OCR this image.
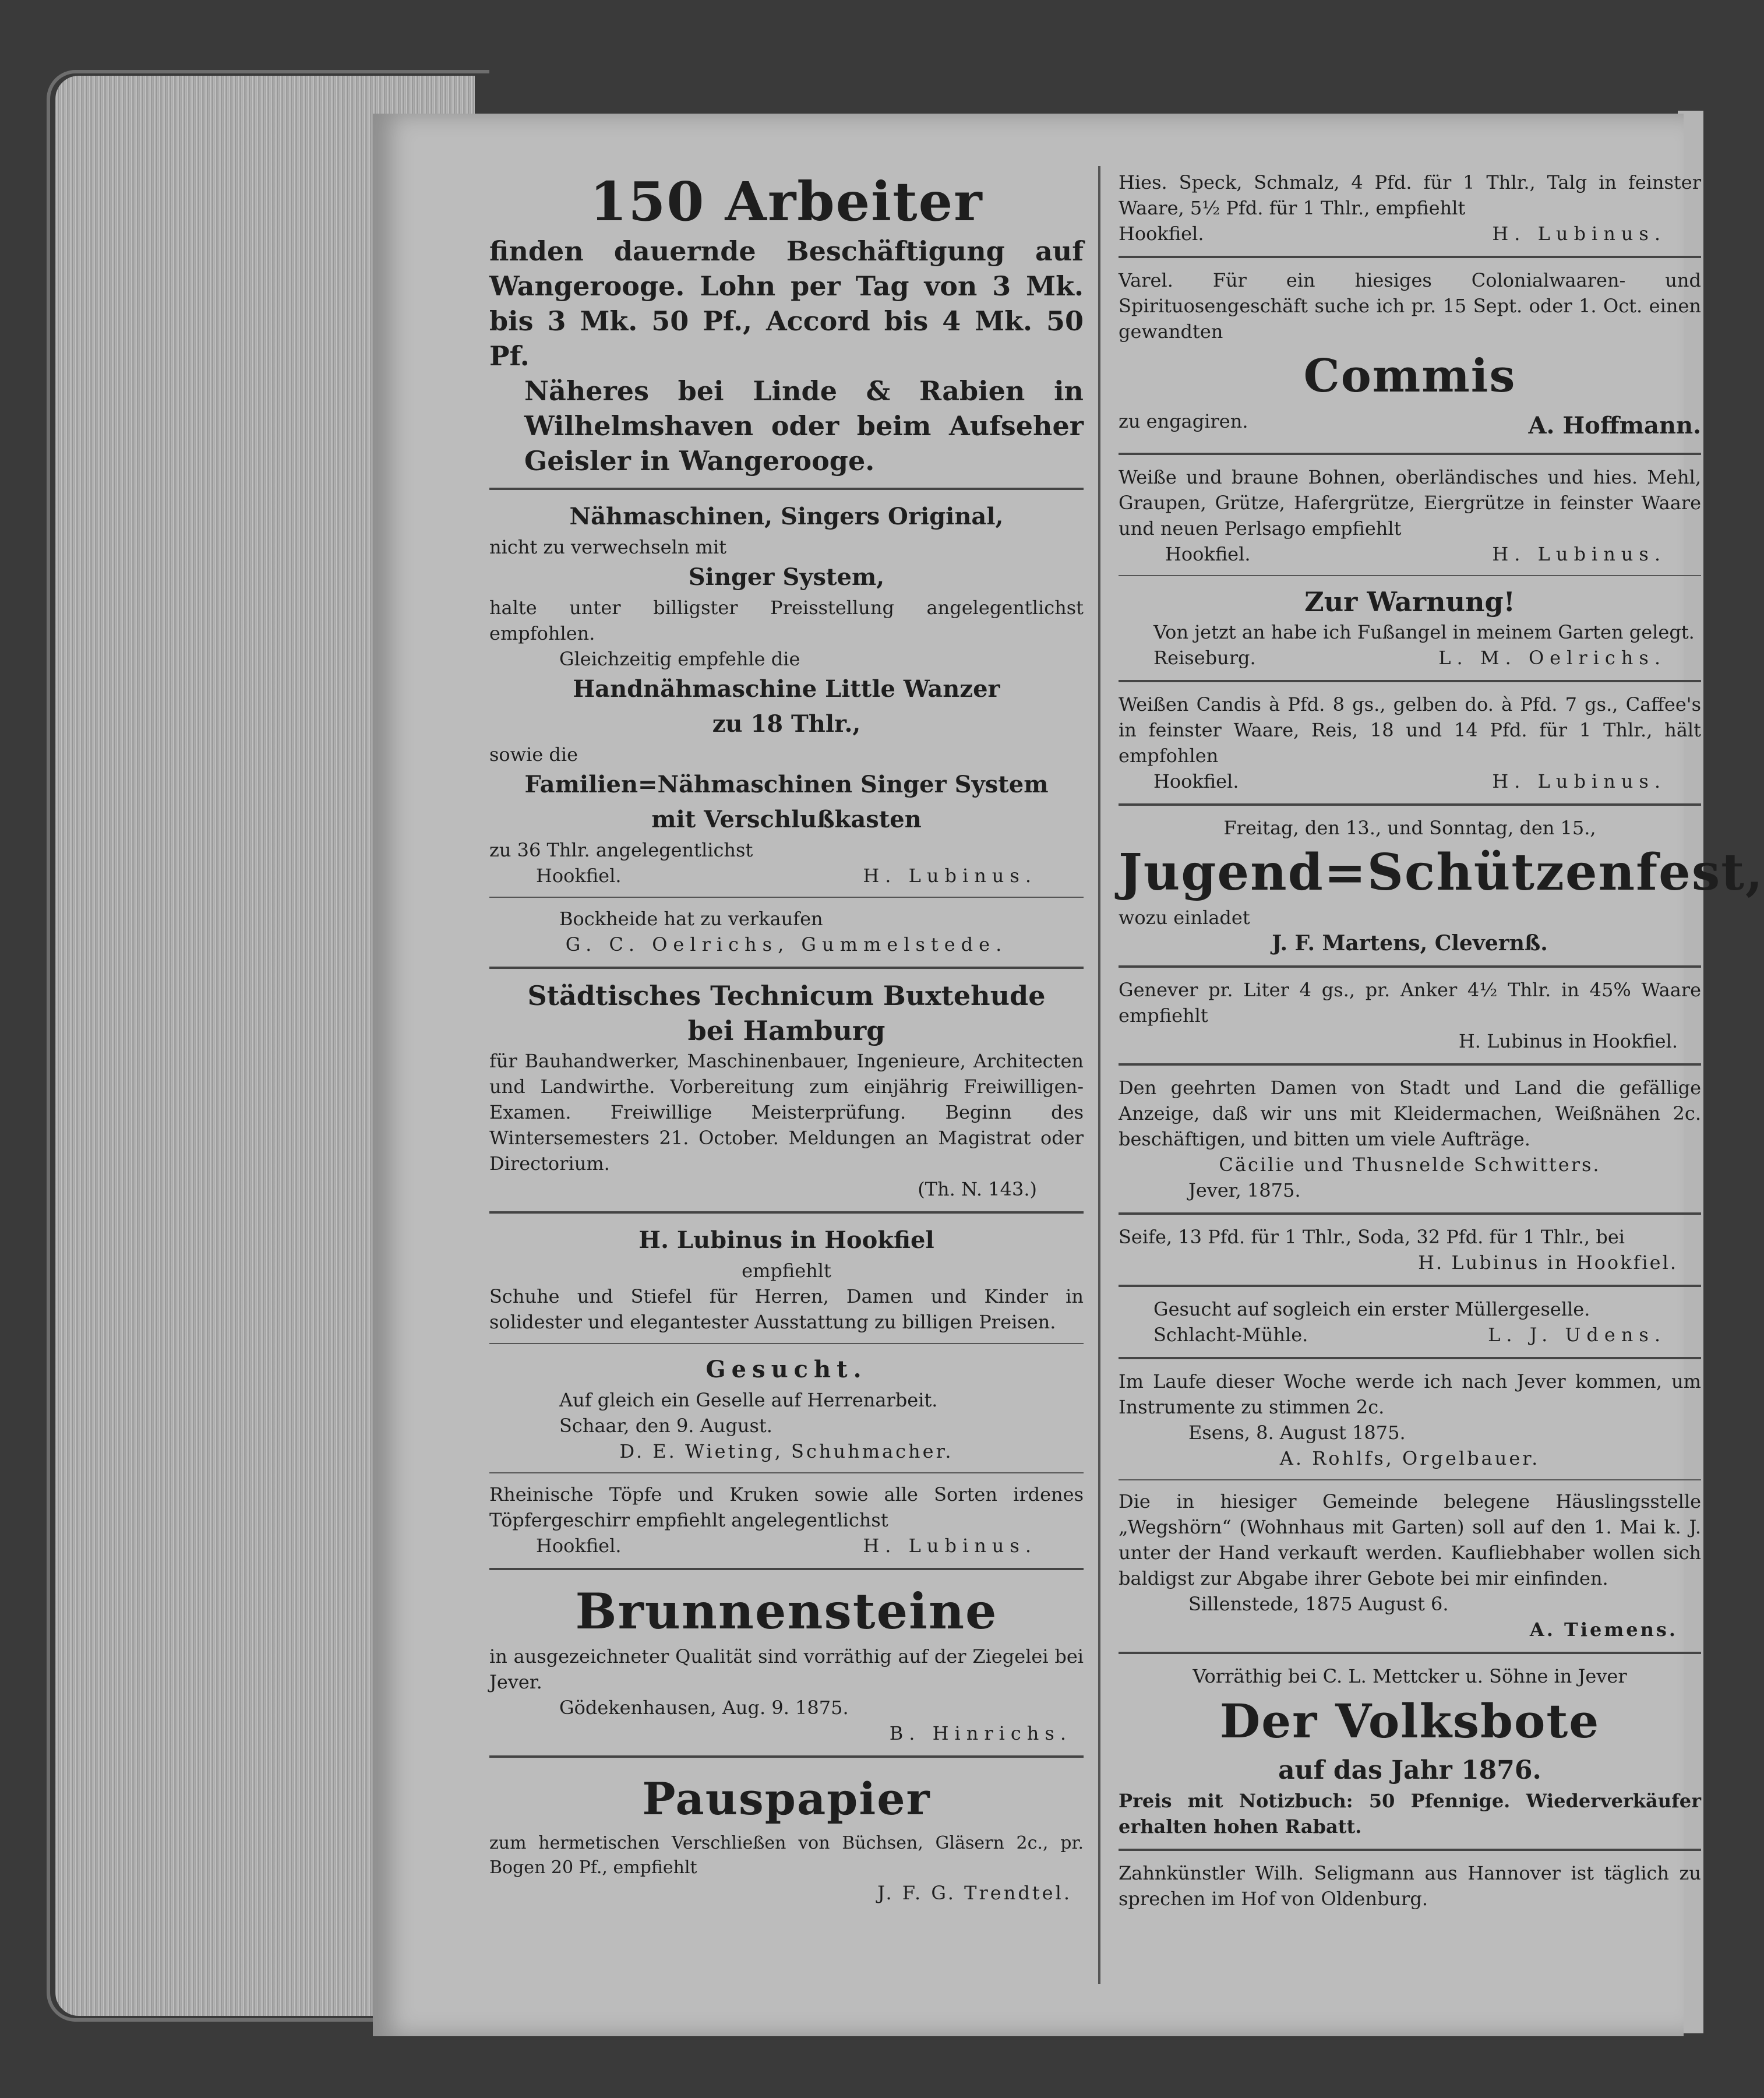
150 Arbeiter

finden dauernde Beschäftigung auf Wangerooge. Lohn per Tag von 3 Mk. bis 3 Mk. 50 Pf., Accord bis 4 Mk. 50 Pf.

Näheres bei Linde & Rabien in Wilhelmshaven oder beim Aufseher Geisler in Wangerooge.

Nähmaschinen, Singers Original,

nicht zu verwechseln mit

Singer System,

halte unter billigster Preisstellung angelegentlichst empfohlen.

Gleichzeitig empfehle die

Handnähmaschine Little Wanzer

zu 18 Thlr.,

sowie die

Familien=Nähmaschinen Singer System

mit Verschlußkasten

zu 36 Thlr. angelegentlichst

Hookfiel.	H. Lubinus.

Bockheide hat zu verkaufen

G. C. Oelrichs, Gummelstede.

Städtisches Technicum Buxtehude

bei Hamburg

für Bauhandwerker, Maschinenbauer, Ingenieure, Architecten und Landwirthe. Vorbereitung zum einjährig Freiwilligen-Examen. Freiwillige Meisterprüfung. Beginn des Wintersemesters 21. October. Meldungen an Magistrat oder Directorium.

(Th. N. 143.)

H. Lubinus in Hookfiel

empfiehlt

Schuhe und Stiefel für Herren, Damen und Kinder in solidester und elegantester Ausstattung zu billigen Preisen.

Gesucht.

Auf gleich ein Geselle auf Herrenarbeit.

Schaar, den 9. August.

D. E. Wieting, Schuhmacher.

Rheinische Töpfe und Kruken sowie alle Sorten irdenes Töpfergeschirr empfiehlt angelegentlichst

Hookfiel.	H. Lubinus.

Brunnensteine

in ausgezeichneter Qualität sind vorräthig auf der Ziegelei bei Jever.

Gödekenhausen, Aug. 9. 1875.

B. Hinrichs.

Pauspapier

zum hermetischen Verschließen von Büchsen, Gläsern 2c., pr. Bogen 20 Pf., empfiehlt

J. F. G. Trendtel.

Hies. Speck, Schmalz, 4 Pfd. für 1 Thlr., Talg in feinster Waare, 5½ Pfd. für 1 Thlr., empfiehlt

Hookfiel.	H. Lubinus.

Varel. Für ein hiesiges Colonialwaaren- und Spirituosengeschäft suche ich pr. 15 Sept. oder 1. Oct. einen gewandten

Commis

zu engagiren.	A. Hoffmann.

Weiße und braune Bohnen, oberländisches und hies. Mehl, Graupen, Grütze, Hafergrütze, Eiergrütze in feinster Waare und neuen Perlsago empfiehlt

Hookfiel.	H. Lubinus.

Zur Warnung!

Von jetzt an habe ich Fußangel in meinem Garten gelegt.

Reiseburg.	L. M. Oelrichs.

Weißen Candis à Pfd. 8 gs., gelben do. à Pfd. 7 gs., Caffee's in feinster Waare, Reis, 18 und 14 Pfd. für 1 Thlr., hält empfohlen

Hookfiel.	H. Lubinus.

Freitag, den 13., und Sonntag, den 15.,

Jugend=Schützenfest,

wozu einladet

J. F. Martens, Clevernß.

Genever pr. Liter 4 gs., pr. Anker 4½ Thlr. in 45% Waare empfiehlt

H. Lubinus in Hookfiel.

Den geehrten Damen von Stadt und Land die gefällige Anzeige, daß wir uns mit Kleidermachen, Weißnähen 2c. beschäftigen, und bitten um viele Aufträge.

Cäcilie und Thusnelde Schwitters.

Jever, 1875.

Seife, 13 Pfd. für 1 Thlr., Soda, 32 Pfd. für 1 Thlr., bei

H. Lubinus in Hookfiel.

Gesucht auf sogleich ein erster Müllergeselle.

Schlacht-Mühle.	L. J. Udens.

Im Laufe dieser Woche werde ich nach Jever kommen, um Instrumente zu stimmen 2c.

Esens, 8. August 1875.

A. Rohlfs, Orgelbauer.

Die in hiesiger Gemeinde belegene Häuslingsstelle „Wegshörn“ (Wohnhaus mit Garten) soll auf den 1. Mai k. J. unter der Hand verkauft werden. Kaufliebhaber wollen sich baldigst zur Abgabe ihrer Gebote bei mir einfinden.

Sillenstede, 1875 August 6.

A. Tiemens.

Vorräthig bei C. L. Mettcker u. Söhne in Jever

Der Volksbote

auf das Jahr 1876.

Preis mit Notizbuch: 50 Pfennige. Wiederverkäufer erhalten hohen Rabatt.

Zahnkünstler Wilh. Seligmann aus Hannover ist täglich zu sprechen im Hof von Oldenburg.
